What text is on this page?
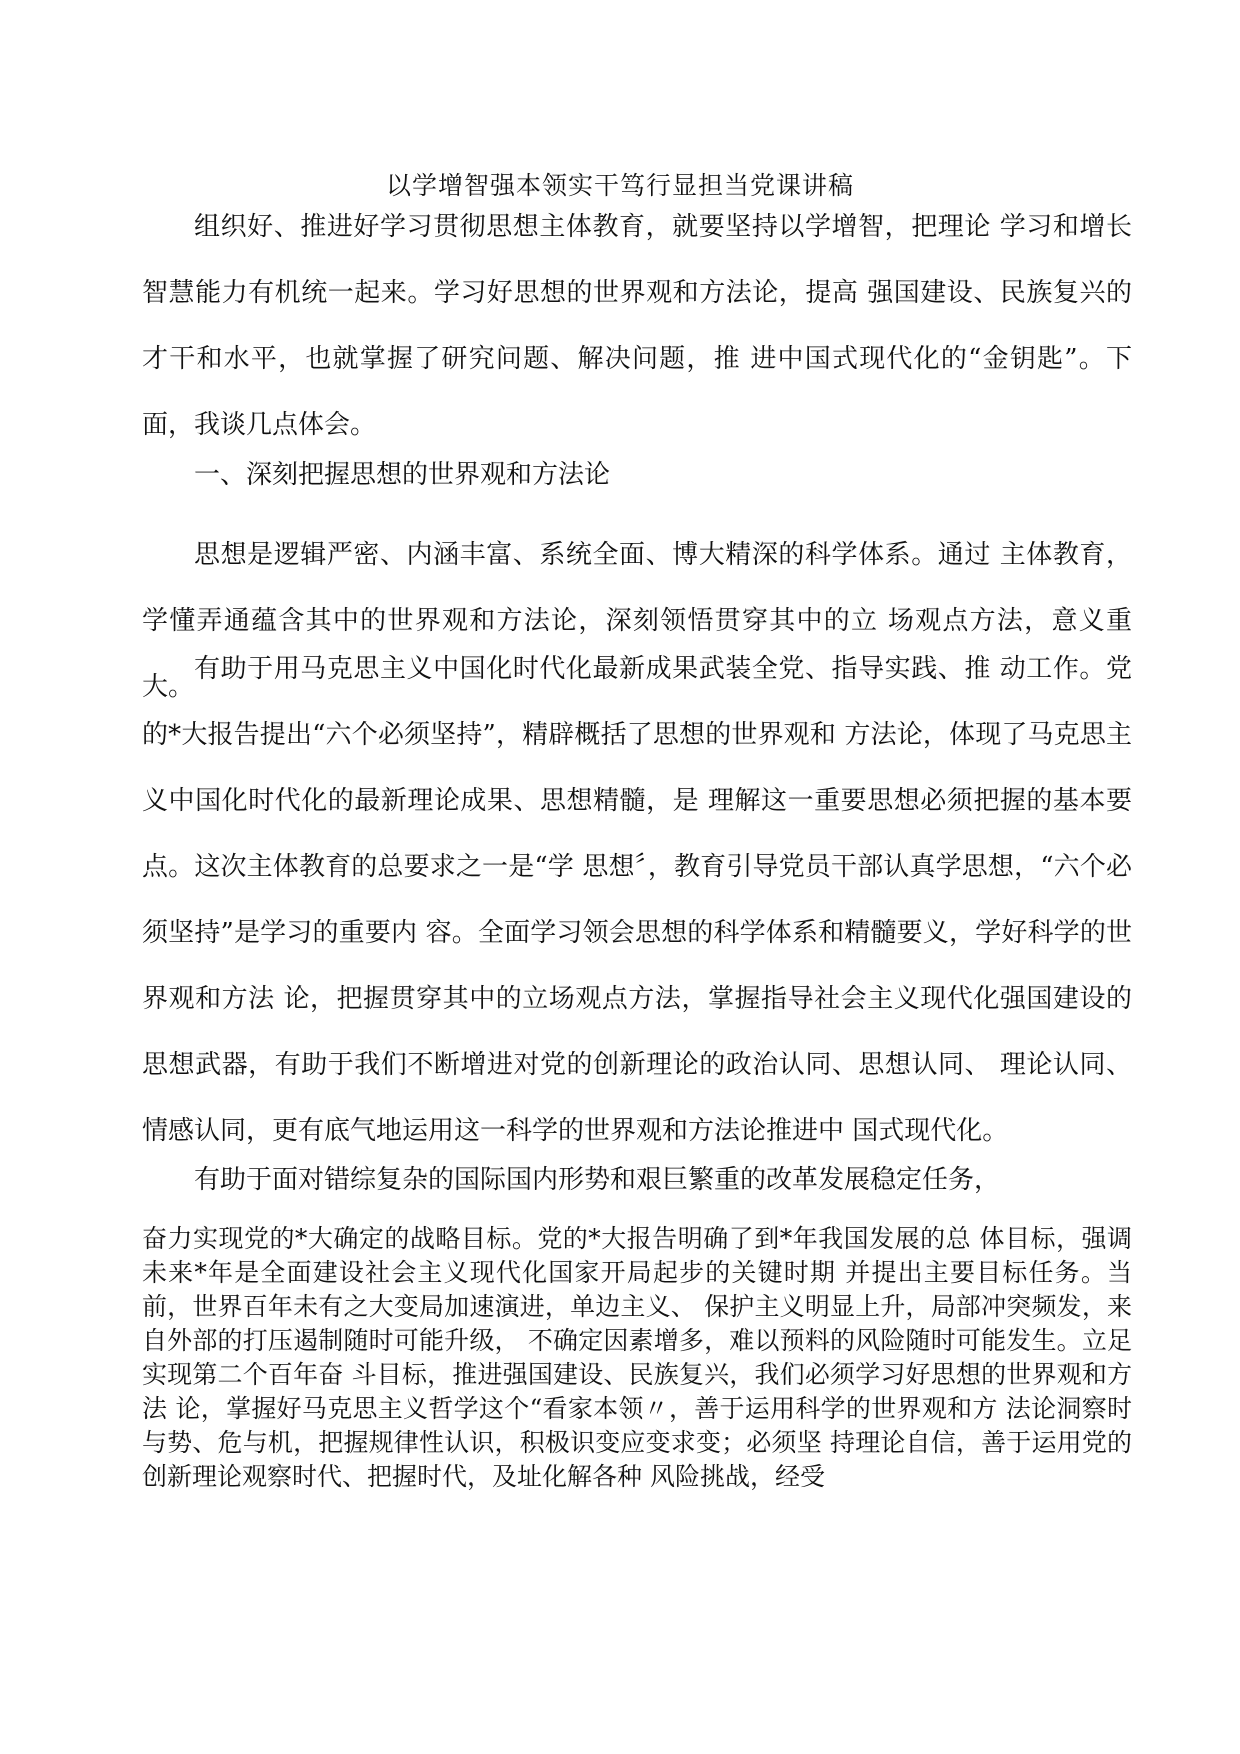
以学增智强本领实干笃行显担当党课讲稿

组织好、推进好学习贯彻思想主体教育，就要坚持以学增智，把理论 学习和增长智慧能力有机统一起来。学习好思想的世界观和方法论，提高 强国建设、民族复兴的才干和水平，也就掌握了研究问题、解决问题，推 进中国式现代化的“金钥匙”。下面，我谈几点体会。

一、深刻把握思想的世界观和方法论

思想是逻辑严密、内涵丰富、系统全面、博大精深的科学体系。通过 主体教育，学懂弄通蕴含其中的世界观和方法论，深刻领悟贯穿其中的立 场观点方法，意义重大。

有助于用马克思主义中国化时代化最新成果武装全党、指导实践、推 动工作。党的*大报告提出“六个必须坚持”，精辟概括了思想的世界观和 方法论，体现了马克思主义中国化时代化的最新理论成果、思想精髓，是 理解这一重要思想必须把握的基本要点。这次主体教育的总要求之一是“学 思想〞，教育引导党员干部认真学思想，“六个必须坚持”是学习的重要内 容。全面学习领会思想的科学体系和精髓要义，学好科学的世界观和方法 论，把握贯穿其中的立场观点方法，掌握指导社会主义现代化强国建设的 思想武器，有助于我们不断增进对党的创新理论的政治认同、思想认同、 理论认同、情感认同，更有底气地运用这一科学的世界观和方法论推进中 国式现代化。

有助于面对错综复杂的国际国内形势和艰巨繁重的改革发展稳定任务，

奋力实现党的*大确定的战略目标。党的*大报告明确了到*年我国发展的总 体目标，强调未来*年是全面建设社会主义现代化国家开局起步的关键时期 并提出主要目标任务。当前，世界百年未有之大变局加速演进，单边主义、 保护主义明显上升，局部冲突频发，来自外部的打压遏制随时可能升级， 不确定因素增多，难以预料的风险随时可能发生。立足实现第二个百年奋 斗目标，推进强国建设、民族复兴，我们必须学习好思想的世界观和方法 论，掌握好马克思主义哲学这个“看家本领〃，善于运用科学的世界观和方 法论洞察时与势、危与机，把握规律性认识，积极识变应变求变；必须坚 持理论自信，善于运用党的创新理论观察时代、把握时代，及址化解各种 风险挑战，经受
